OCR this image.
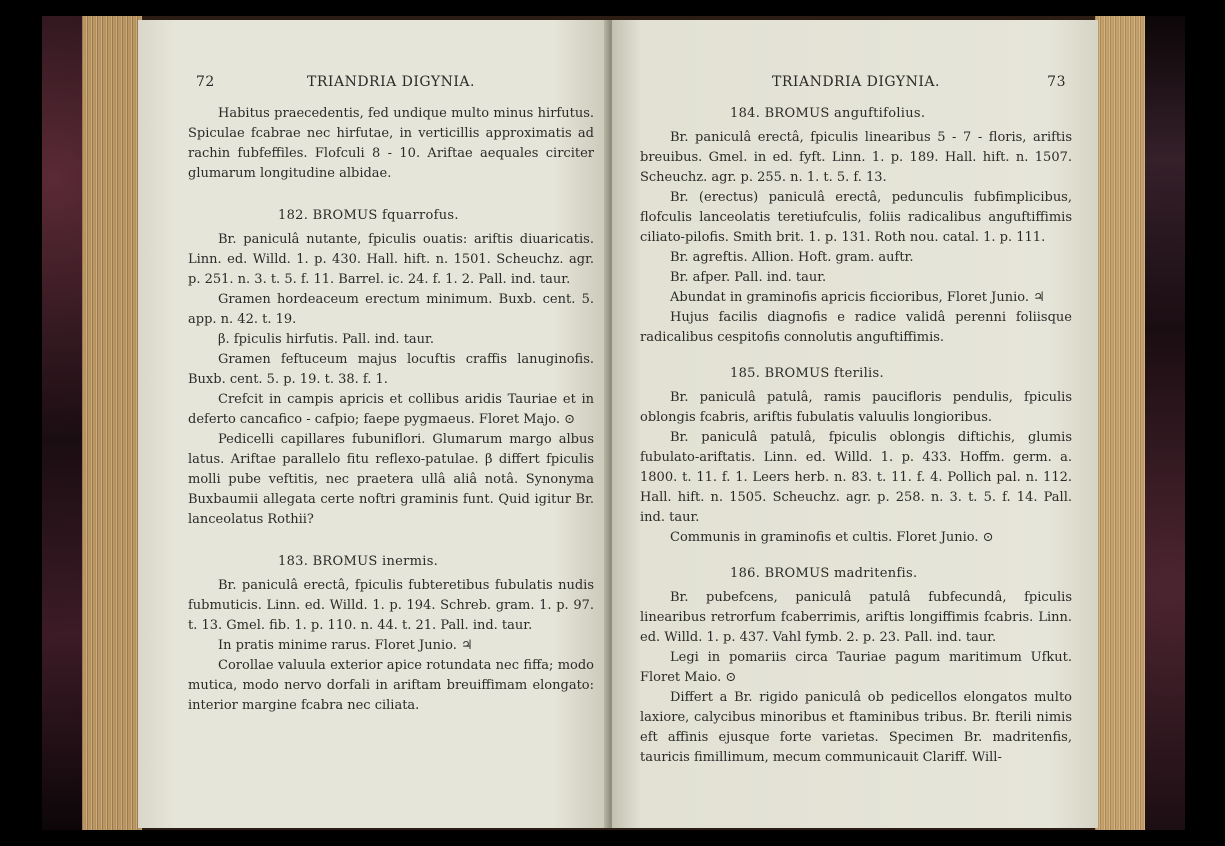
72	TRIANDRIA DIGYNIA.

Habitus praecedentis, fed undique multo minus hirfutus. Spiculae fcabrae nec hirfutae, in verticillis approximatis ad rachin fubfeffiles. Flofculi 8 - 10. Ariftae aequales circiter glumarum longitudine albidae.

182. BROMUS fquarrofus.

Br. paniculâ nutante, fpiculis ouatis: ariftis diuaricatis. Linn. ed. Willd. 1. p. 430. Hall. hift. n. 1501. Scheuchz. agr. p. 251. n. 3. t. 5. f. 11. Barrel. ic. 24. f. 1. 2. Pall. ind. taur.

Gramen hordeaceum erectum minimum. Buxb. cent. 5. app. n. 42. t. 19.

β. fpiculis hirfutis. Pall. ind. taur.

Gramen feftuceum majus locuftis craffis lanuginofis. Buxb. cent. 5. p. 19. t. 38. f. 1.

Crefcit in campis apricis et collibus aridis Tauriae et in deferto cancafico - cafpio; faepe pygmaeus. Floret Majo. ⊙

Pedicelli capillares fubuniflori. Glumarum margo albus latus. Ariftae parallelo fitu reflexo-patulae. β differt fpiculis molli pube veftitis, nec praetera ullâ aliâ notâ. Synonyma Buxbaumii allegata certe noftri graminis funt. Quid igitur Br. lanceolatus Rothii?

183. BROMUS inermis.

Br. paniculâ erectâ, fpiculis fubteretibus fubulatis nudis fubmuticis. Linn. ed. Willd. 1. p. 194. Schreb. gram. 1. p. 97. t. 13. Gmel. fib. 1. p. 110. n. 44. t. 21. Pall. ind. taur.

In pratis minime rarus. Floret Junio. ♃

Corollae valuula exterior apice rotundata nec fiffa; modo mutica, modo nervo dorfali in ariftam breuiffimam elongato: interior margine fcabra nec ciliata.

TRIANDRIA DIGYNIA.	73

184. BROMUS anguftifolius.

Br. paniculâ erectâ, fpiculis linearibus 5 - 7 - floris, ariftis breuibus. Gmel. in ed. fyft. Linn. 1. p. 189. Hall. hift. n. 1507. Scheuchz. agr. p. 255. n. 1. t. 5. f. 13.

Br. (erectus) paniculâ erectâ, pedunculis fubfimplicibus, flofculis lanceolatis teretiufculis, foliis radicalibus anguftiffimis ciliato-pilofis. Smith brit. 1. p. 131. Roth nou. catal. 1. p. 111.

Br. agreftis. Allion. Hoft. gram. auftr.

Br. afper. Pall. ind. taur.

Abundat in graminofis apricis ficcioribus, Floret Junio. ♃

Hujus facilis diagnofis e radice validâ perenni foliisque radicalibus cespitofis connolutis anguftiffimis.

185. BROMUS fterilis.

Br. paniculâ patulâ, ramis paucifloris pendulis, fpiculis oblongis fcabris, ariftis fubulatis valuulis longioribus.

Br. paniculâ patulâ, fpiculis oblongis diftichis, glumis fubulato-ariftatis. Linn. ed. Willd. 1. p. 433. Hoffm. germ. a. 1800. t. 11. f. 1. Leers herb. n. 83. t. 11. f. 4. Pollich pal. n. 112. Hall. hift. n. 1505. Scheuchz. agr. p. 258. n. 3. t. 5. f. 14. Pall. ind. taur.

Communis in graminofis et cultis. Floret Junio. ⊙

186. BROMUS madritenfis.

Br. pubefcens, paniculâ patulâ fubfecundâ, fpiculis linearibus retrorfum fcaberrimis, ariftis longiffimis fcabris. Linn. ed. Willd. 1. p. 437. Vahl fymb. 2. p. 23. Pall. ind. taur.

Legi in pomariis circa Tauriae pagum maritimum Ufkut. Floret Maio. ⊙

Differt a Br. rigido paniculâ ob pedicellos elongatos multo laxiore, calycibus minoribus et ftaminibus tribus. Br. fterili nimis eft affinis ejusque forte varietas. Specimen Br. madritenfis, tauricis fimillimum, mecum communicauit Clariff. Will-
